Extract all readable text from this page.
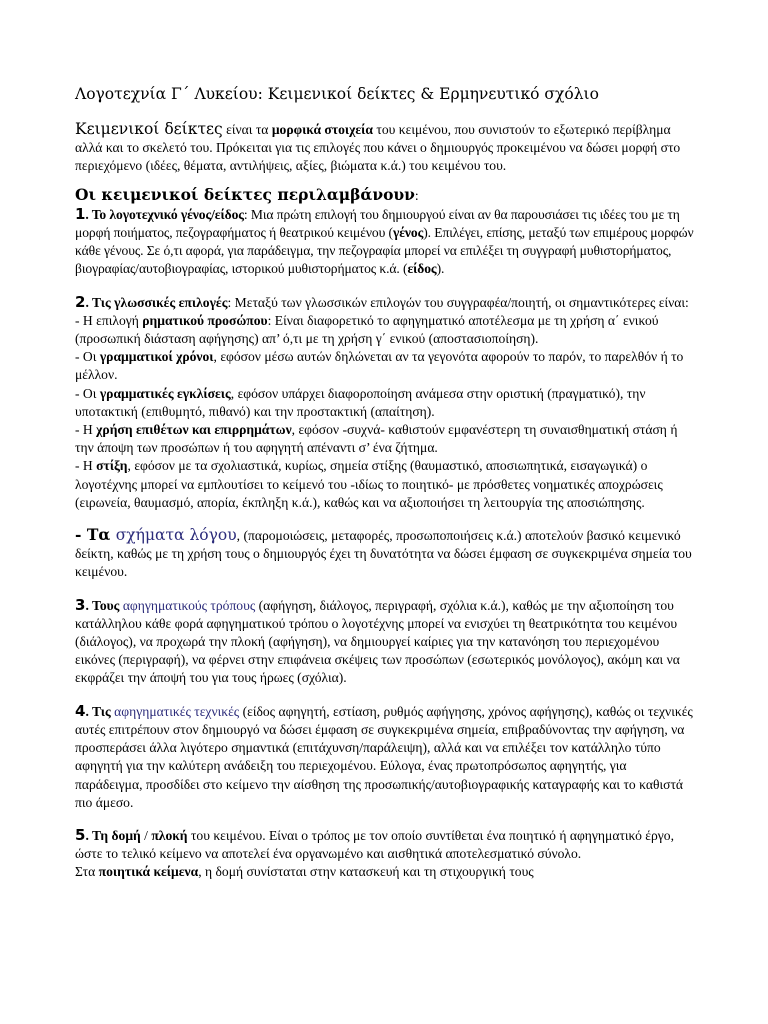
Λογοτεχνία Γ΄ Λυκείου: Κειμενικοί δείκτες & Ερμηνευτικό σχόλιο

Κειμενικοί δείκτες είναι τα μορφικά στοιχεία του κειμένου, που συνιστούν το εξωτερικό περίβλημα αλλά και το σκελετό του. Πρόκειται για τις επιλογές που κάνει ο δημιουργός προκειμένου να δώσει μορφή στο περιεχόμενο (ιδέες, θέματα, αντιλήψεις, αξίες, βιώματα κ.ά.) του κειμένου του.

Οι κειμενικοί δείκτες περιλαμβάνουν:

1. Το λογοτεχνικό γένος/είδος: Μια πρώτη επιλογή του δημιουργού είναι αν θα παρουσιάσει τις ιδέες του με τη μορφή ποιήματος, πεζογραφήματος ή θεατρικού κειμένου (γένος). Επιλέγει, επίσης, μεταξύ των επιμέρους μορφών κάθε γένους. Σε ό,τι αφορά, για παράδειγμα, την πεζογραφία μπορεί να επιλέξει τη συγγραφή μυθιστορήματος, βιογραφίας/αυτοβιογραφίας, ιστορικού μυθιστορήματος κ.ά. (είδος).

2. Τις γλωσσικές επιλογές: Μεταξύ των γλωσσικών επιλογών του συγγραφέα/ποιητή, οι σημαντικότερες είναι:

- Η επιλογή ρηματικού προσώπου: Είναι διαφορετικό το αφηγηματικό αποτέλεσμα με τη χρήση α΄ ενικού (προσωπική διάσταση αφήγησης) απ’ ό,τι με τη χρήση γ΄ ενικού (αποστασιοποίηση).

- Οι γραμματικοί χρόνοι, εφόσον μέσω αυτών δηλώνεται αν τα γεγονότα αφορούν το παρόν, το παρελθόν ή το μέλλον.

- Οι γραμματικές εγκλίσεις, εφόσον υπάρχει διαφοροποίηση ανάμεσα στην οριστική (πραγματικό), την υποτακτική (επιθυμητό, πιθανό) και την προστακτική (απαίτηση).

- Η χρήση επιθέτων και επιρρημάτων, εφόσον -συχνά- καθιστούν εμφανέστερη τη συναισθηματική στάση ή την άποψη των προσώπων ή του αφηγητή απέναντι σ’ ένα ζήτημα.

- Η στίξη, εφόσον με τα σχολιαστικά, κυρίως, σημεία στίξης (θαυμαστικό, αποσιωπητικά, εισαγωγικά) ο λογοτέχνης μπορεί να εμπλουτίσει το κείμενό του -ιδίως το ποιητικό- με πρόσθετες νοηματικές αποχρώσεις (ειρωνεία, θαυμασμό, απορία, έκπληξη κ.ά.), καθώς και να αξιοποιήσει τη λειτουργία της αποσιώπησης.

- Τα σχήματα λόγου, (παρομοιώσεις, μεταφορές, προσωποποιήσεις κ.ά.) αποτελούν βασικό κειμενικό δείκτη, καθώς με τη χρήση τους ο δημιουργός έχει τη δυνατότητα να δώσει έμφαση σε συγκεκριμένα σημεία του κειμένου.

3. Τους αφηγηματικούς τρόπους (αφήγηση, διάλογος, περιγραφή, σχόλια κ.ά.), καθώς με την αξιοποίηση του κατάλληλου κάθε φορά αφηγηματικού τρόπου ο λογοτέχνης μπορεί να ενισχύει τη θεατρικότητα του κειμένου (διάλογος), να προχωρά την πλοκή (αφήγηση), να δημιουργεί καίριες για την κατανόηση του περιεχομένου εικόνες (περιγραφή), να φέρνει στην επιφάνεια σκέψεις των προσώπων (εσωτερικός μονόλογος), ακόμη και να εκφράζει την άποψή του για τους ήρωες (σχόλια).

4. Τις αφηγηματικές τεχνικές (είδος αφηγητή, εστίαση, ρυθμός αφήγησης, χρόνος αφήγησης), καθώς οι τεχνικές αυτές επιτρέπουν στον δημιουργό να δώσει έμφαση σε συγκεκριμένα σημεία, επιβραδύνοντας την αφήγηση, να προσπεράσει άλλα λιγότερο σημαντικά (επιτάχυνση/παράλειψη), αλλά και να επιλέξει τον κατάλληλο τύπο αφηγητή για την καλύτερη ανάδειξη του περιεχομένου. Εύλογα, ένας πρωτοπρόσωπος αφηγητής, για παράδειγμα, προσδίδει στο κείμενο την αίσθηση της προσωπικής/αυτοβιογραφικής καταγραφής και το καθιστά πιο άμεσο.

5. Τη δομή / πλοκή του κειμένου. Είναι ο τρόπος με τον οποίο συντίθεται ένα ποιητικό ή αφηγηματικό έργο, ώστε το τελικό κείμενο να αποτελεί ένα οργανωμένο και αισθητικά αποτελεσματικό σύνολο.

Στα ποιητικά κείμενα, η δομή συνίσταται στην κατασκευή και τη στιχουργική τους
